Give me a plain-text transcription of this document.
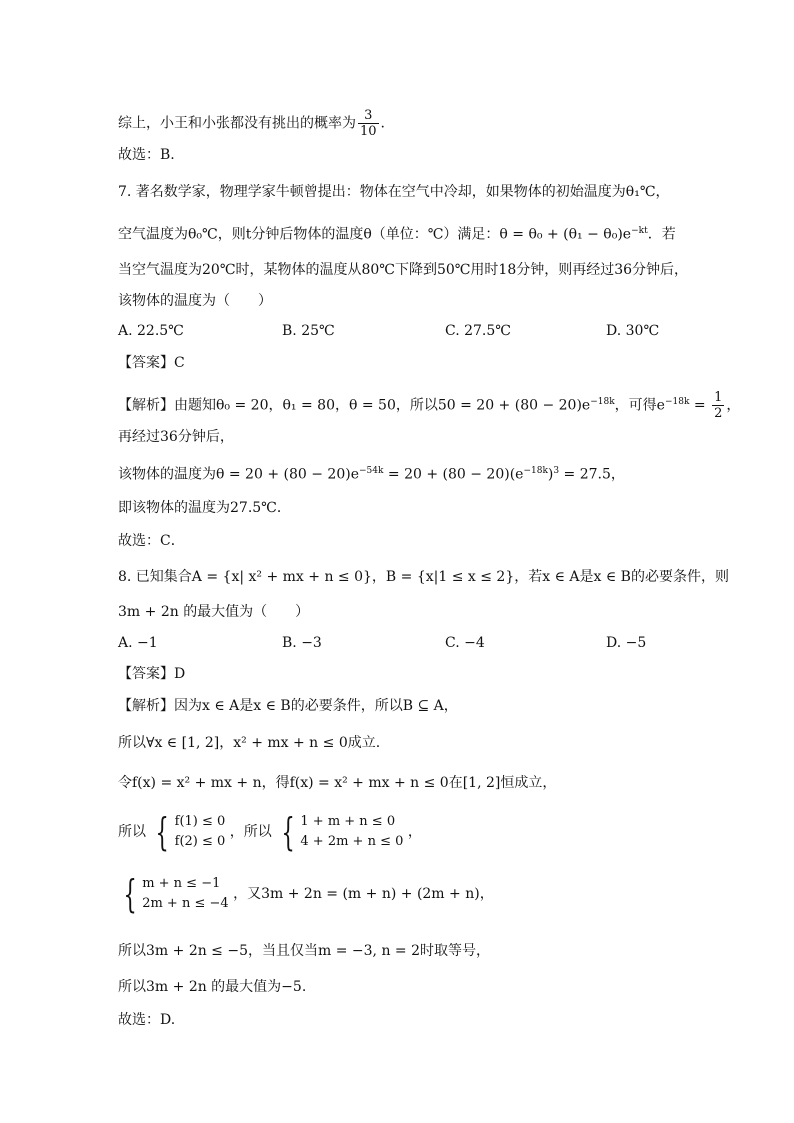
综上，小王和小张都没有挑出的概率为 $\frac{3}{10}$ .
故选：B.
7. 著名数学家，物理学家牛顿曾提出：物体在空气中冷却，如果物体的初始温度为θ₁℃，
空气温度为θ₀℃，则t分钟后物体的温度θ（单位：℃）满足：$\theta = \theta_0 + (\theta_1 - \theta_0)e^{-kt}$．若
当空气温度为20℃时，某物体的温度从80℃下降到50℃用时18分钟，则再经过36分钟后，
该物体的温度为（　　）
A. 22.5℃	B. 25℃	C. 27.5℃	D. 30℃
【答案】C
【解析】由题知θ₀ = 20，θ₁ = 80，θ = 50，所以$50 = 20 + (80 - 20)e^{-18k}$，可得$e^{-18k} = \frac{1}{2}$ ，
再经过36分钟后，
该物体的温度为$\theta = 20 + (80 - 20)e^{-54k} = 20 + (80 - 20)(e^{-18k})^3 = 27.5$，
即该物体的温度为27.5℃．
故选：C．
8. 已知集合A = {x| x² + mx + n ≤ 0}，B = {x|1 ≤ x ≤ 2}，若x ∈ A是x ∈ B的必要条件，则
3m + 2n 的最大值为（　　）
A. −1	B. −3	C. −4	D. −5
【答案】D
【解析】因为x ∈ A是x ∈ B的必要条件，所以B ⊆ A，
所以∀x ∈ [1, 2]，x² + mx + n ≤ 0成立.
令f(x) = x² + mx + n，得f(x) = x² + mx + n ≤ 0在[1, 2]恒成立，
所以 { f(1) ≤ 0
f(2) ≤ 0
，所以 { 1 + m + n ≤ 0
4 + 2m + n ≤ 0
，
{ m + n ≤ −1
2m + n ≤ −4
，又3m + 2n = (m + n) + (2m + n)，
所以3m + 2n ≤ −5，当且仅当m = −3, n = 2时取等号，
所以3m + 2n 的最大值为−5.
故选：D.
